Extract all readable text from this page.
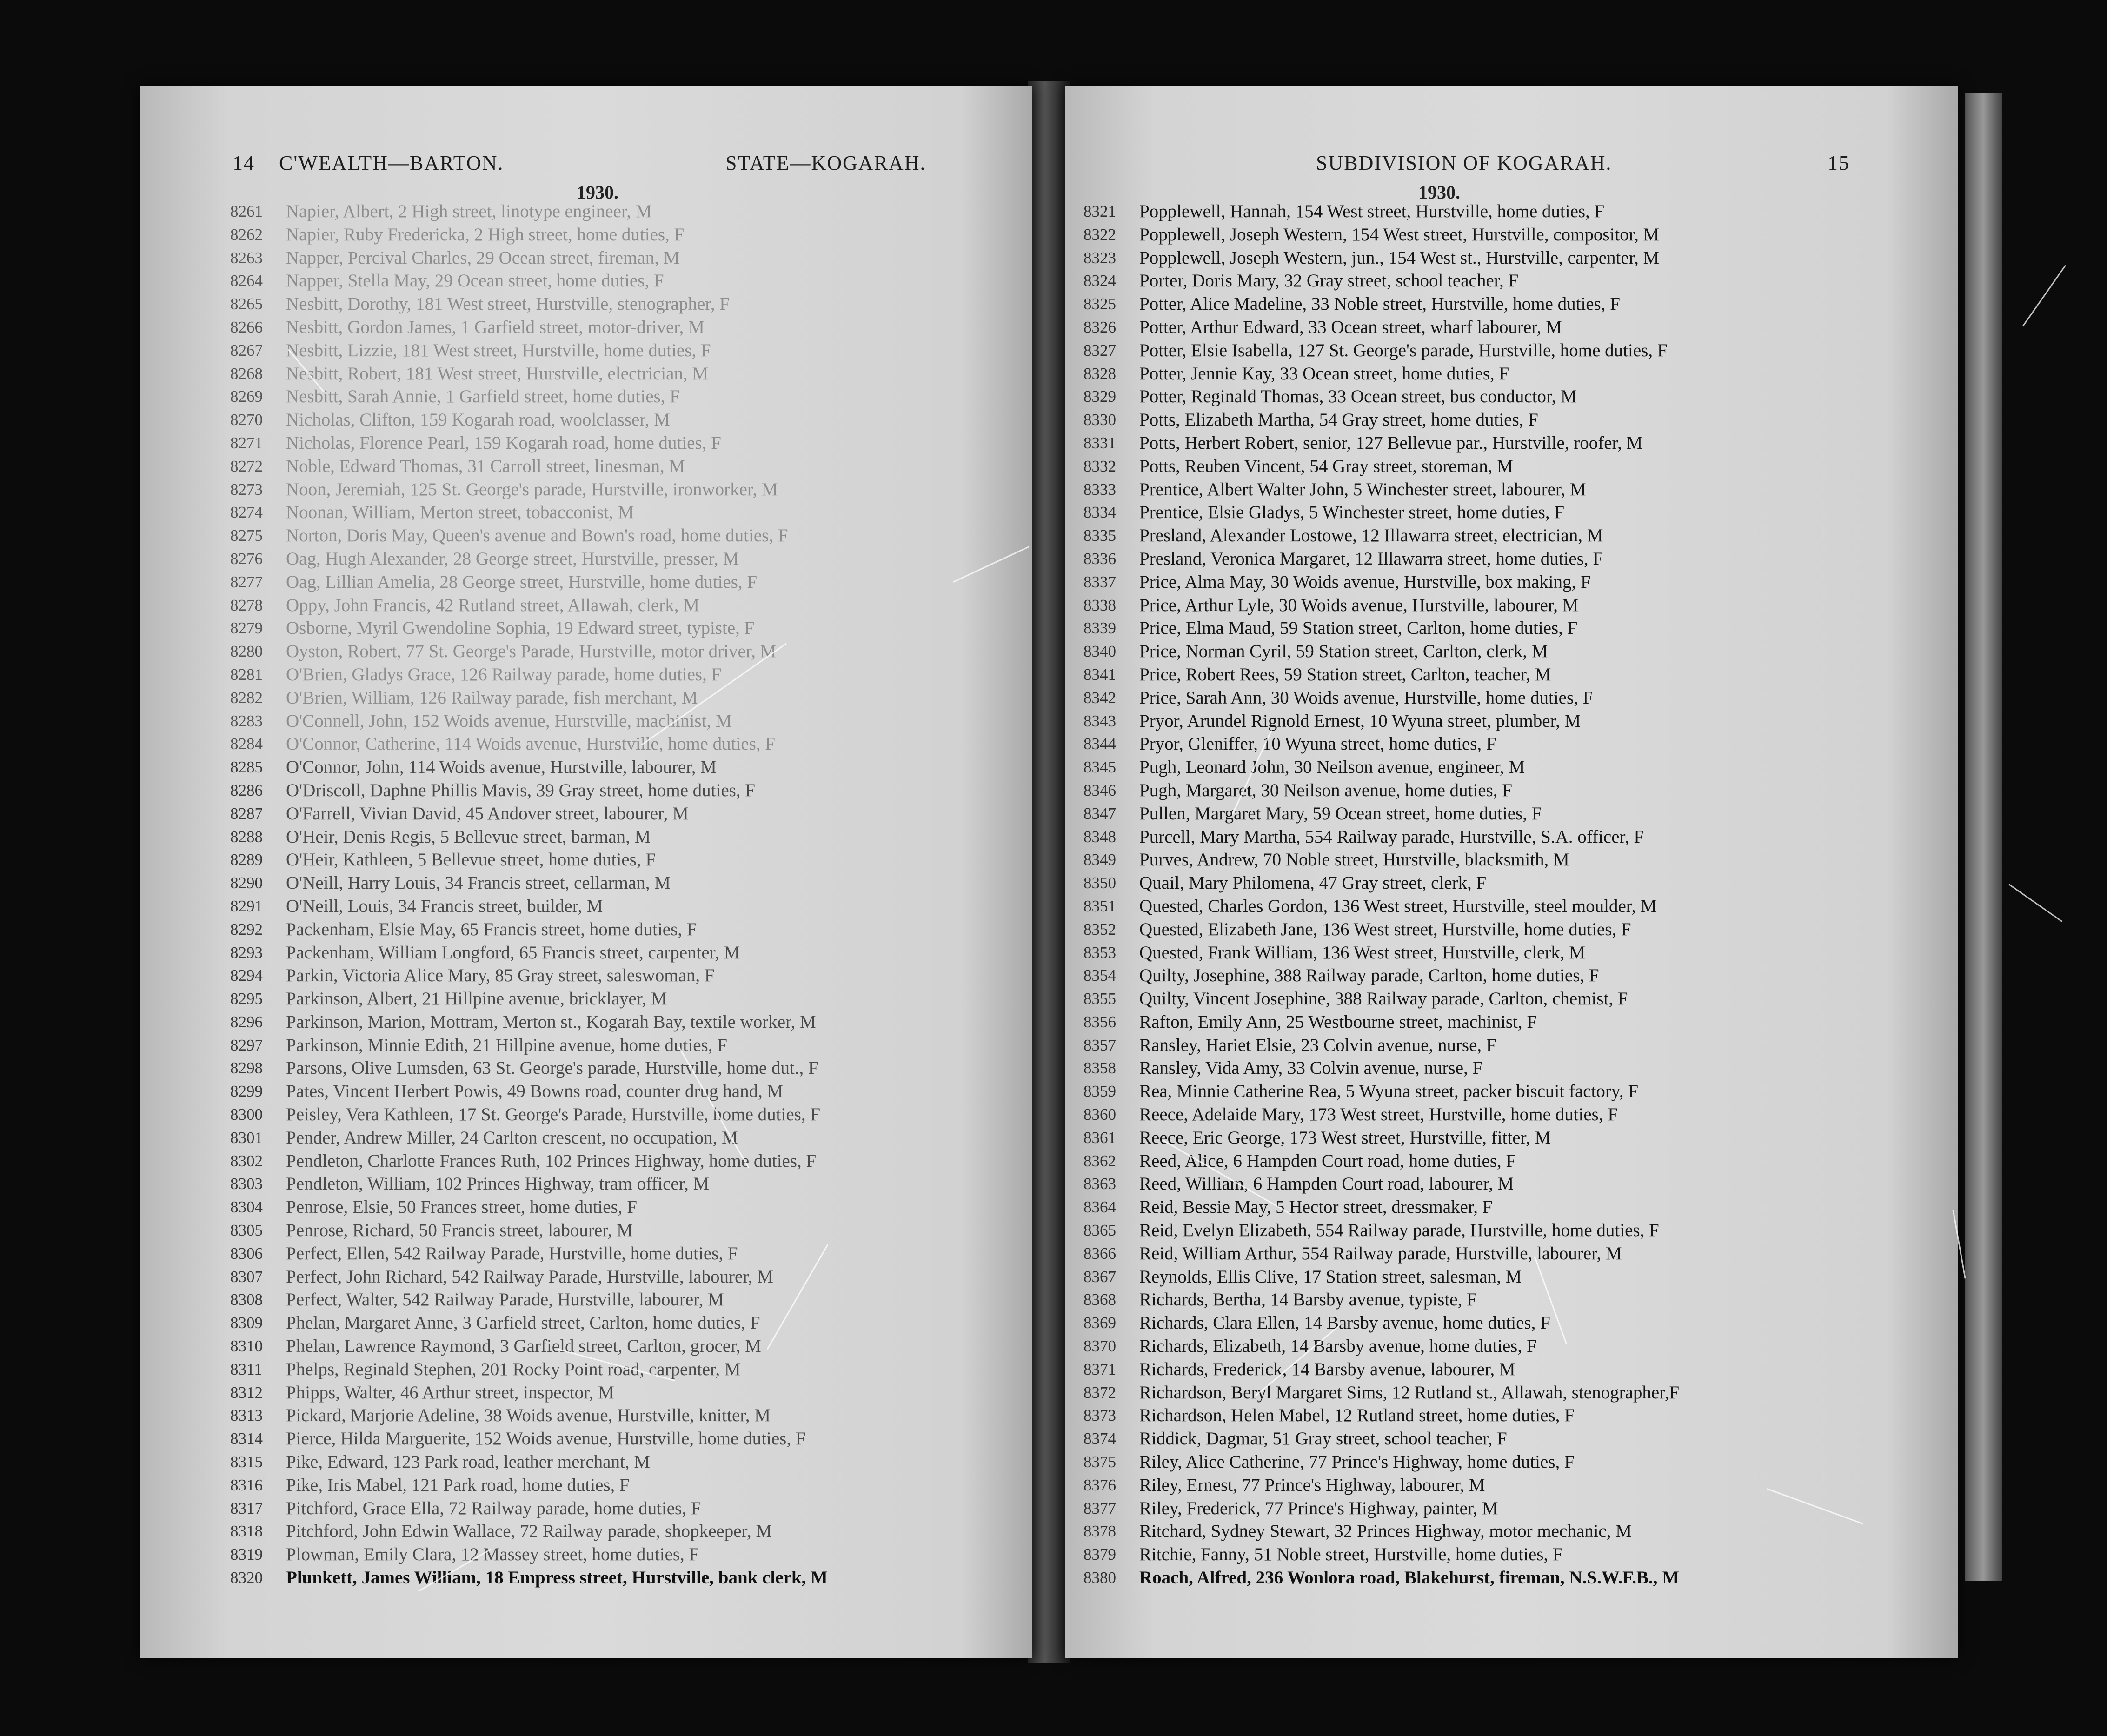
14 C'WEALTH—BARTON.	STATE—KOGARAH.
1930.
8261 Napier, Albert, 2 High street, linotype engineer, M
8262 Napier, Ruby Fredericka, 2 High street, home duties, F
8263 Napper, Percival Charles, 29 Ocean street, fireman, M
8264 Napper, Stella May, 29 Ocean street, home duties, F
8265 Nesbitt, Dorothy, 181 West street, Hurstville, stenographer, F
8266 Nesbitt, Gordon James, 1 Garfield street, motor-driver, M
8267 Nesbitt, Lizzie, 181 West street, Hurstville, home duties, F
8268 Nesbitt, Robert, 181 West street, Hurstville, electrician, M
8269 Nesbitt, Sarah Annie, 1 Garfield street, home duties, F
8270 Nicholas, Clifton, 159 Kogarah road, woolclasser, M
8271 Nicholas, Florence Pearl, 159 Kogarah road, home duties, F
8272 Noble, Edward Thomas, 31 Carroll street, linesman, M
8273 Noon, Jeremiah, 125 St. George's parade, Hurstville, ironworker, M
8274 Noonan, William, Merton street, tobacconist, M
8275 Norton, Doris May, Queen's avenue and Bown's road, home duties, F
8276 Oag, Hugh Alexander, 28 George street, Hurstville, presser, M
8277 Oag, Lillian Amelia, 28 George street, Hurstville, home duties, F
8278 Oppy, John Francis, 42 Rutland street, Allawah, clerk, M
8279 Osborne, Myril Gwendoline Sophia, 19 Edward street, typiste, F
8280 Oyston, Robert, 77 St. George's Parade, Hurstville, motor driver, M
8281 O'Brien, Gladys Grace, 126 Railway parade, home duties, F
8282 O'Brien, William, 126 Railway parade, fish merchant, M
8283 O'Connell, John, 152 Woids avenue, Hurstville, machinist, M
8284 O'Connor, Catherine, 114 Woids avenue, Hurstville, home duties, F
8285 O'Connor, John, 114 Woids avenue, Hurstville, labourer, M
8286 O'Driscoll, Daphne Phillis Mavis, 39 Gray street, home duties, F
8287 O'Farrell, Vivian David, 45 Andover street, labourer, M
8288 O'Heir, Denis Regis, 5 Bellevue street, barman, M
8289 O'Heir, Kathleen, 5 Bellevue street, home duties, F
8290 O'Neill, Harry Louis, 34 Francis street, cellarman, M
8291 O'Neill, Louis, 34 Francis street, builder, M
8292 Packenham, Elsie May, 65 Francis street, home duties, F
8293 Packenham, William Longford, 65 Francis street, carpenter, M
8294 Parkin, Victoria Alice Mary, 85 Gray street, saleswoman, F
8295 Parkinson, Albert, 21 Hillpine avenue, bricklayer, M
8296 Parkinson, Marion, Mottram, Merton st., Kogarah Bay, textile worker, M
8297 Parkinson, Minnie Edith, 21 Hillpine avenue, home duties, F
8298 Parsons, Olive Lumsden, 63 St. George's parade, Hurstville, home dut., F
8299 Pates, Vincent Herbert Powis, 49 Bowns road, counter drug hand, M
8300 Peisley, Vera Kathleen, 17 St. George's Parade, Hurstville, home duties, F
8301 Pender, Andrew Miller, 24 Carlton crescent, no occupation, M
8302 Pendleton, Charlotte Frances Ruth, 102 Princes Highway, home duties, F
8303 Pendleton, William, 102 Princes Highway, tram officer, M
8304 Penrose, Elsie, 50 Frances street, home duties, F
8305 Penrose, Richard, 50 Francis street, labourer, M
8306 Perfect, Ellen, 542 Railway Parade, Hurstville, home duties, F
8307 Perfect, John Richard, 542 Railway Parade, Hurstville, labourer, M
8308 Perfect, Walter, 542 Railway Parade, Hurstville, labourer, M
8309 Phelan, Margaret Anne, 3 Garfield street, Carlton, home duties, F
8310 Phelan, Lawrence Raymond, 3 Garfield street, Carlton, grocer, M
8311 Phelps, Reginald Stephen, 201 Rocky Point road, carpenter, M
8312 Phipps, Walter, 46 Arthur street, inspector, M
8313 Pickard, Marjorie Adeline, 38 Woids avenue, Hurstville, knitter, M
8314 Pierce, Hilda Marguerite, 152 Woids avenue, Hurstville, home duties, F
8315 Pike, Edward, 123 Park road, leather merchant, M
8316 Pike, Iris Mabel, 121 Park road, home duties, F
8317 Pitchford, Grace Ella, 72 Railway parade, home duties, F
8318 Pitchford, John Edwin Wallace, 72 Railway parade, shopkeeper, M
8319 Plowman, Emily Clara, 12 Massey street, home duties, F
8320 Plunkett, James William, 18 Empress street, Hurstville, bank clerk, M
SUBDIVISION OF KOGARAH.	15
1930.
8321 Popplewell, Hannah, 154 West street, Hurstville, home duties, F
8322 Popplewell, Joseph Western, 154 West street, Hurstville, compositor, M
8323 Popplewell, Joseph Western, jun., 154 West st., Hurstville, carpenter, M
8324 Porter, Doris Mary, 32 Gray street, school teacher, F
8325 Potter, Alice Madeline, 33 Noble street, Hurstville, home duties, F
8326 Potter, Arthur Edward, 33 Ocean street, wharf labourer, M
8327 Potter, Elsie Isabella, 127 St. George's parade, Hurstville, home duties, F
8328 Potter, Jennie Kay, 33 Ocean street, home duties, F
8329 Potter, Reginald Thomas, 33 Ocean street, bus conductor, M
8330 Potts, Elizabeth Martha, 54 Gray street, home duties, F
8331 Potts, Herbert Robert, senior, 127 Bellevue par., Hurstville, roofer, M
8332 Potts, Reuben Vincent, 54 Gray street, storeman, M
8333 Prentice, Albert Walter John, 5 Winchester street, labourer, M
8334 Prentice, Elsie Gladys, 5 Winchester street, home duties, F
8335 Presland, Alexander Lostowe, 12 Illawarra street, electrician, M
8336 Presland, Veronica Margaret, 12 Illawarra street, home duties, F
8337 Price, Alma May, 30 Woids avenue, Hurstville, box making, F
8338 Price, Arthur Lyle, 30 Woids avenue, Hurstville, labourer, M
8339 Price, Elma Maud, 59 Station street, Carlton, home duties, F
8340 Price, Norman Cyril, 59 Station street, Carlton, clerk, M
8341 Price, Robert Rees, 59 Station street, Carlton, teacher, M
8342 Price, Sarah Ann, 30 Woids avenue, Hurstville, home duties, F
8343 Pryor, Arundel Rignold Ernest, 10 Wyuna street, plumber, M
8344 Pryor, Gleniffer, 10 Wyuna street, home duties, F
8345 Pugh, Leonard John, 30 Neilson avenue, engineer, M
8346 Pugh, Margaret, 30 Neilson avenue, home duties, F
8347 Pullen, Margaret Mary, 59 Ocean street, home duties, F
8348 Purcell, Mary Martha, 554 Railway parade, Hurstville, S.A. officer, F
8349 Purves, Andrew, 70 Noble street, Hurstville, blacksmith, M
8350 Quail, Mary Philomena, 47 Gray street, clerk, F
8351 Quested, Charles Gordon, 136 West street, Hurstville, steel moulder, M
8352 Quested, Elizabeth Jane, 136 West street, Hurstville, home duties, F
8353 Quested, Frank William, 136 West street, Hurstville, clerk, M
8354 Quilty, Josephine, 388 Railway parade, Carlton, home duties, F
8355 Quilty, Vincent Josephine, 388 Railway parade, Carlton, chemist, F
8356 Rafton, Emily Ann, 25 Westbourne street, machinist, F
8357 Ransley, Hariet Elsie, 23 Colvin avenue, nurse, F
8358 Ransley, Vida Amy, 33 Colvin avenue, nurse, F
8359 Rea, Minnie Catherine Rea, 5 Wyuna street, packer biscuit factory, F
8360 Reece, Adelaide Mary, 173 West street, Hurstville, home duties, F
8361 Reece, Eric George, 173 West street, Hurstville, fitter, M
8362 Reed, Alice, 6 Hampden Court road, home duties, F
8363 Reed, William, 6 Hampden Court road, labourer, M
8364 Reid, Bessie May, 5 Hector street, dressmaker, F
8365 Reid, Evelyn Elizabeth, 554 Railway parade, Hurstville, home duties, F
8366 Reid, William Arthur, 554 Railway parade, Hurstville, labourer, M
8367 Reynolds, Ellis Clive, 17 Station street, salesman, M
8368 Richards, Bertha, 14 Barsby avenue, typiste, F
8369 Richards, Clara Ellen, 14 Barsby avenue, home duties, F
8370 Richards, Elizabeth, 14 Barsby avenue, home duties, F
8371 Richards, Frederick, 14 Barsby avenue, labourer, M
8372 Richardson, Beryl Margaret Sims, 12 Rutland st., Allawah, stenographer,F
8373 Richardson, Helen Mabel, 12 Rutland street, home duties, F
8374 Riddick, Dagmar, 51 Gray street, school teacher, F
8375 Riley, Alice Catherine, 77 Prince's Highway, home duties, F
8376 Riley, Ernest, 77 Prince's Highway, labourer, M
8377 Riley, Frederick, 77 Prince's Highway, painter, M
8378 Ritchard, Sydney Stewart, 32 Princes Highway, motor mechanic, M
8379 Ritchie, Fanny, 51 Noble street, Hurstville, home duties, F
8380 Roach, Alfred, 236 Wonlora road, Blakehurst, fireman, N.S.W.F.B., M
